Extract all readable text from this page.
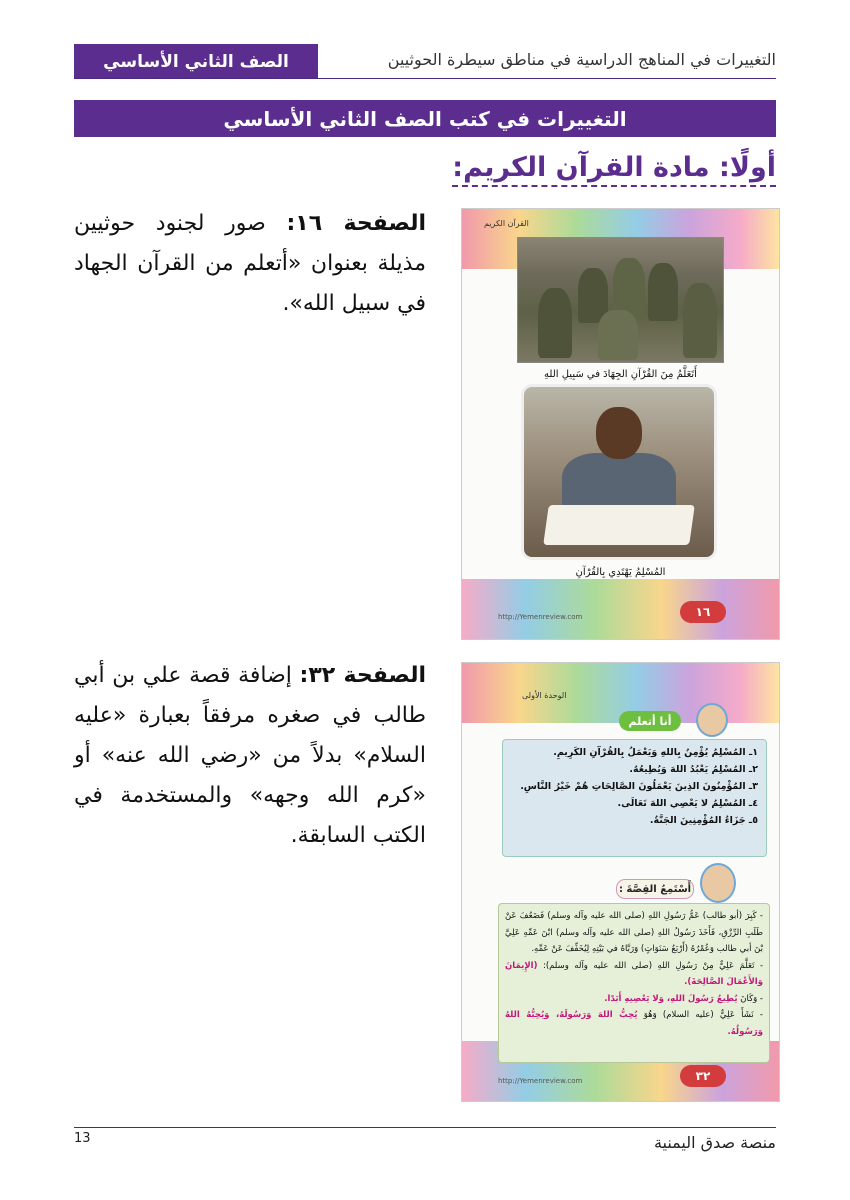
الصف الثاني الأساسي	التغييرات في المناهج الدراسية في مناطق سيطرة الحوثيين
التغييرات في كتب الصف الثاني الأساسي
أولًا: مادة القرآن الكريم:
الصفحة ١٦: صور لجنود حوثيين مذيلة بعنوان «أتعلم من القرآن الجهاد في سبيل الله».
القرآن الكريم
أَتَعَلَّمُ مِنَ القُرْآنِ الجِهَادَ في سَبِيلِ اللهِ
المُسْلِمُ يَهْتَدِي بِالقُرْآنِ
http://Yemenreview.com	١٦
الصفحة ٣٢: إضافة قصة علي بن أبي طالب في صغره مرفقاً بعبارة «عليه السلام» بدلاً من «رضي الله عنه» أو «كرم الله وجهه» والمستخدمة في الكتب السابقة.
الوحدة الأولى
أنا أتعلم
١ـ المُسْلِمُ يُؤْمِنُ بِاللهِ وَيَعْمَلُ بِالقُرْآنِ الكَرِيمِ.
٢ـ المُسْلِمُ يَعْبُدُ اللهَ وَيُطِيعُهُ.
٣ـ المُؤْمِنُونَ الذِينَ يَعْمَلُونَ الصَّالِحَاتِ هُمْ خَيْرُ النَّاسِ.
٤ـ المُسْلِمُ لا يَعْصِي اللهَ تَعَالَى.
٥ـ جَزَاءُ المُؤْمِنِينَ الجَنَّةُ.
أَسْتَمِعُ القِصَّةَ :
- كَبِرَ (أبو طالب) عَمُّ رَسُولِ اللهِ (صلى الله عليه وآله وسلم) فَضَعُفَ عَنْ طَلَبِ الرِّزْقِ، فَأَخَذَ رَسُولُ اللهِ (صلى الله عليه وآله وسلم) ابْنَ عَمِّهِ عَلِيَّ بْنَ أبي طالب وَعُمْرُهُ (أَرْبَعُ سَنَوَاتٍ) وَرَبَّاهُ في بَيْتِهِ لِيُخَفِّفَ عَنْ عَمِّهِ.
- تَعَلَّمَ عَلِيٌّ مِنْ رَسُولِ اللهِ (صلى الله عليه وآله وسلم): (الإِيمَانَ وَالأَعْمَالَ الصَّالِحَةَ).
- وَكَانَ يُطِيعُ رَسُولَ اللهِ، وَلا يَعْصِيهِ أَبَدًا.
- نَشَأَ عَلِيٌّ (عليه السلام) وَهُوَ يُحِبُّ اللهَ وَرَسُولَهُ، وَيُحِبُّهُ اللهُ وَرَسُولُهُ.
http://Yemenreview.com	٣٢
منصة صدق اليمنية
13
